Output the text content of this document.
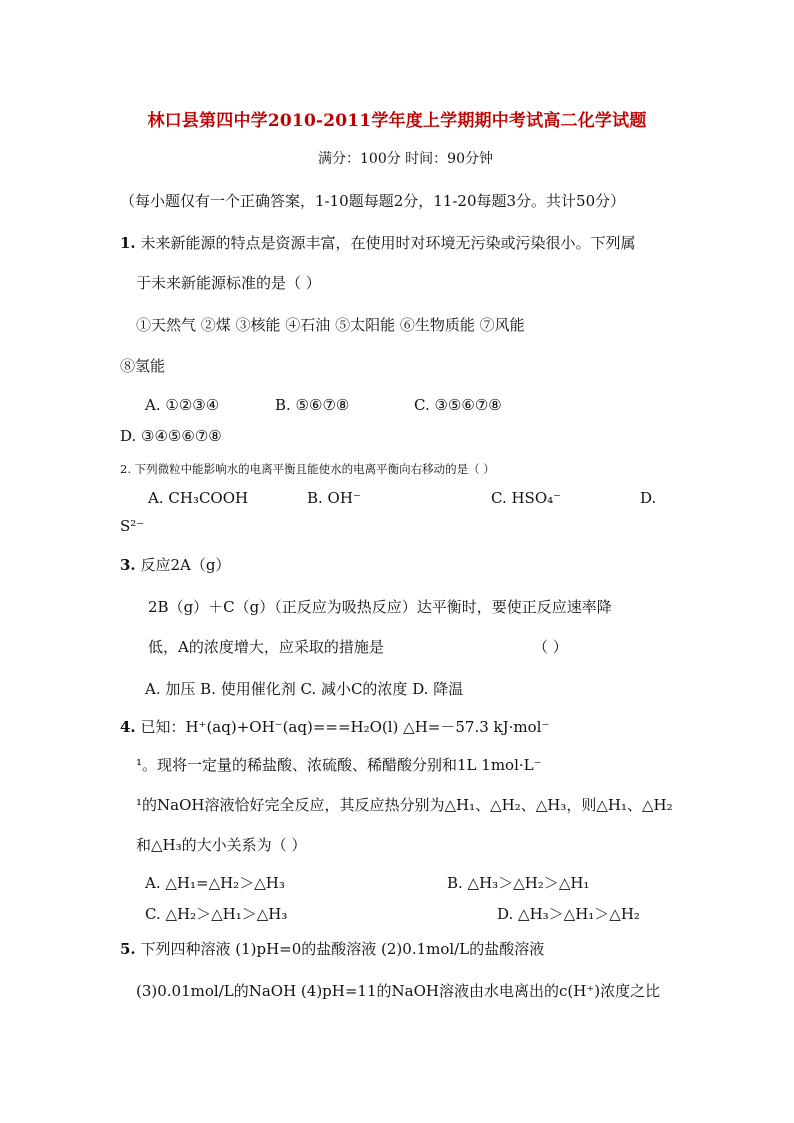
林口县第四中学2010-2011学年度上学期期中考试高二化学试题
满分：100分 时间：90分钟
（每小题仅有一个正确答案，1-10题每题2分，11-20每题3分。共计50分）
1. 未来新能源的特点是资源丰富，在使用时对环境无污染或污染很小。下列属
于未来新能源标准的是（ ）
①天然气 ②煤 ③核能 ④石油 ⑤太阳能 ⑥生物质能 ⑦风能
⑧氢能
A. ①②③④	B. ⑤⑥⑦⑧	C. ③⑤⑥⑦⑧
D. ③④⑤⑥⑦⑧
2. 下列微粒中能影响水的电离平衡且能使水的电离平衡向右移动的是（ ）
A. CH₃COOH	B. OH⁻	C. HSO₄⁻	D.
S²⁻
3. 反应2A（g）
2B（g）＋C（g）（正反应为吸热反应）达平衡时，要使正反应速率降
低，A的浓度增大，应采取的措施是	（ ）
A. 加压 B. 使用催化剂 C. 减小C的浓度 D. 降温
4. 已知：H⁺(aq)+OH⁻(aq)===H₂O(l) △H=－57.3 kJ·mol⁻
¹。现将一定量的稀盐酸、浓硫酸、稀醋酸分别和1L 1mol·L⁻
¹的NaOH溶液恰好完全反应，其反应热分别为△H₁、△H₂、△H₃，则△H₁、△H₂
和△H₃的大小关系为（ ）
A. △H₁=△H₂＞△H₃	B. △H₃＞△H₂＞△H₁
C. △H₂＞△H₁＞△H₃	D. △H₃＞△H₁＞△H₂
5. 下列四种溶液 (1)pH=0的盐酸溶液 (2)0.1mol/L的盐酸溶液
(3)0.01mol/L的NaOH (4)pH=11的NaOH溶液由水电离出的c(H⁺)浓度之比
